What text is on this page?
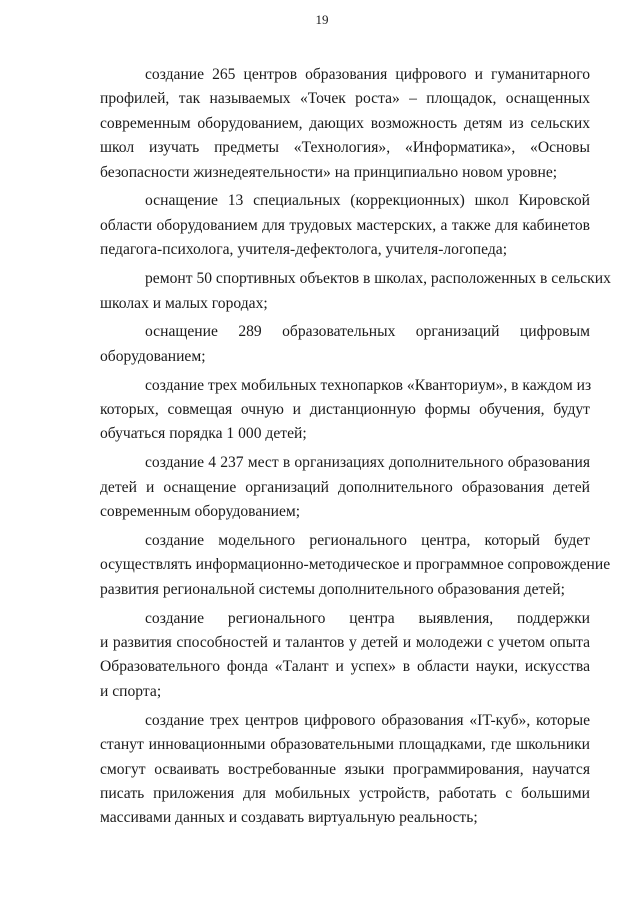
19
создание 265 центров образования цифрового и гуманитарного
профилей, так называемых «Точек роста» – площадок, оснащенных
современным оборудованием, дающих возможность детям из сельских
школ изучать предметы «Технология», «Информатика», «Основы
безопасности жизнедеятельности» на принципиально новом уровне;
оснащение 13 специальных (коррекционных) школ Кировской
области оборудованием для трудовых мастерских, а также для кабинетов
педагога-психолога, учителя-дефектолога, учителя-логопеда;
ремонт 50 спортивных объектов в школах, расположенных в сельских
школах и малых городах;
оснащение 289 образовательных организаций цифровым
оборудованием;
создание трех мобильных технопарков «Кванториум», в каждом из
которых, совмещая очную и дистанционную формы обучения, будут
обучаться порядка 1 000 детей;
создание 4 237 мест в организациях дополнительного образования
детей и оснащение организаций дополнительного образования детей
современным оборудованием;
создание модельного регионального центра, который будет
осуществлять информационно-методическое и программное сопровождение
развития региональной системы дополнительного образования детей;
создание регионального центра выявления, поддержки
и развития способностей и талантов у детей и молодежи с учетом опыта
Образовательного фонда «Талант и успех» в области науки, искусства
и спорта;
создание трех центров цифрового образования «IT-куб», которые
станут инновационными образовательными площадками, где школьники
смогут осваивать востребованные языки программирования, научатся
писать приложения для мобильных устройств, работать с большими
массивами данных и создавать виртуальную реальность;
